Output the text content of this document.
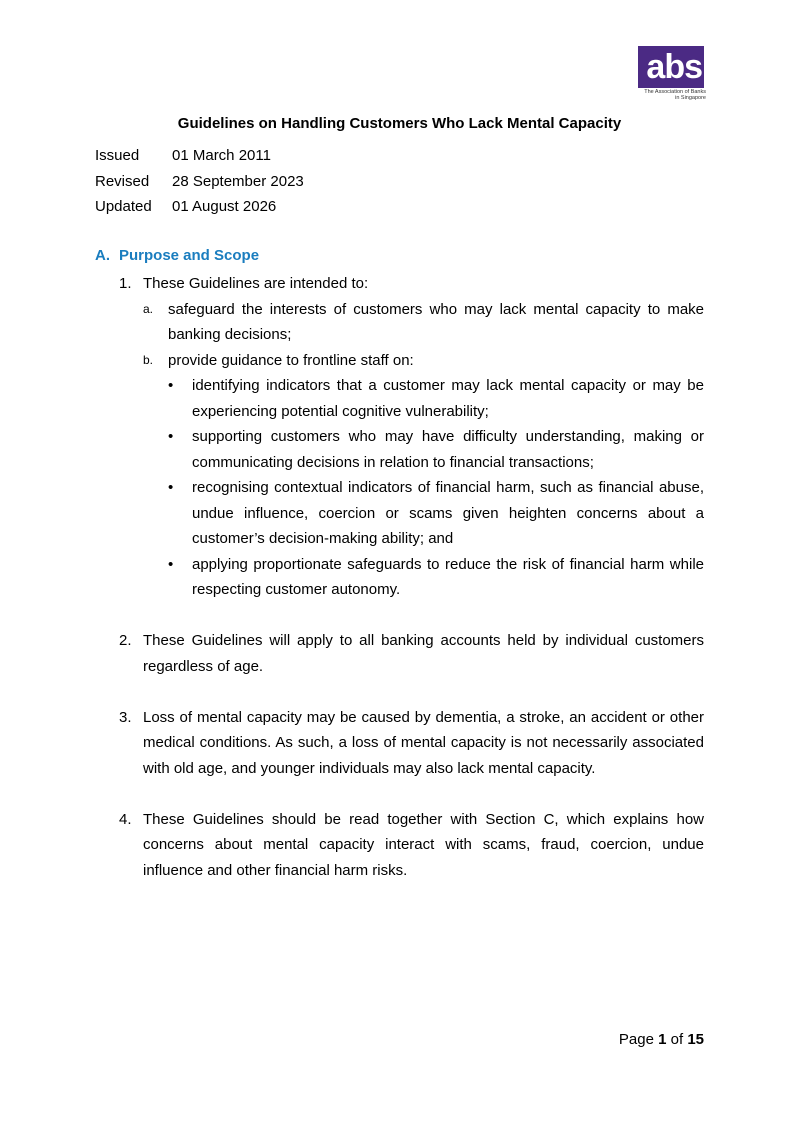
abs
The Association of Banks
in Singapore
Guidelines on Handling Customers Who Lack Mental Capacity
Issued 01 March 2011
Revised 28 September 2023
Updated 01 August 2026
A. Purpose and Scope
1. These Guidelines are intended to:

a. safeguard the interests of customers who may lack mental capacity to make banking decisions;

b. provide guidance to frontline staff on:

• identifying indicators that a customer may lack mental capacity or may be experiencing potential cognitive vulnerability;

• supporting customers who may have difficulty understanding, making or communicating decisions in relation to financial transactions;

• recognising contextual indicators of financial harm, such as financial abuse, undue influence, coercion or scams given heighten concerns about a customer’s decision-making ability; and

• applying proportionate safeguards to reduce the risk of financial harm while respecting customer autonomy.

2. These Guidelines will apply to all banking accounts held by individual customers regardless of age.

3. Loss of mental capacity may be caused by dementia, a stroke, an accident or other medical conditions. As such, a loss of mental capacity is not necessarily associated with old age, and younger individuals may also lack mental capacity.

4. These Guidelines should be read together with Section C, which explains how concerns about mental capacity interact with scams, fraud, coercion, undue influence and other financial harm risks.

Page 1 of 15
